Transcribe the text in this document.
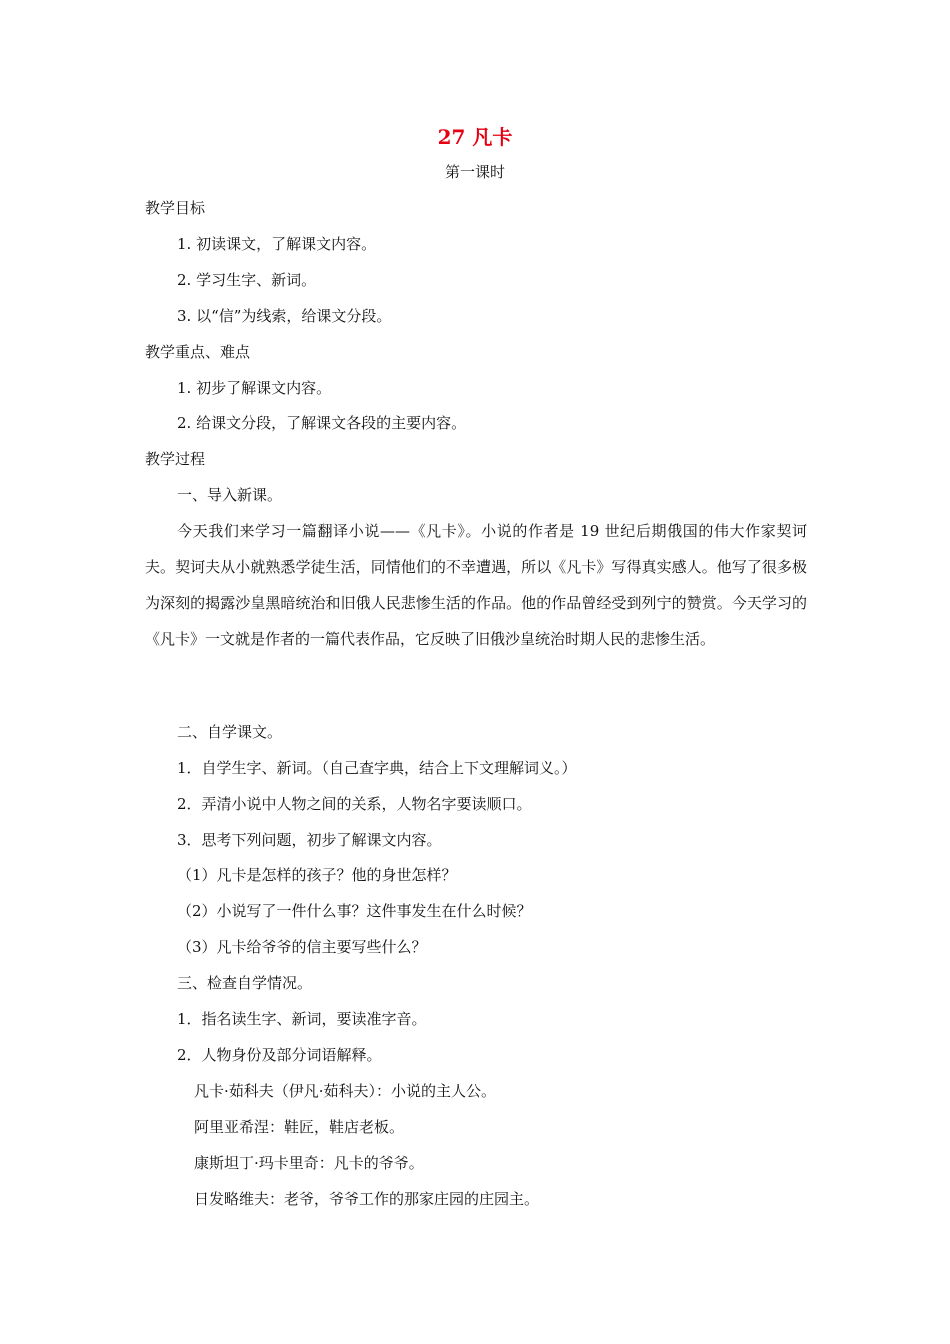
27 凡卡
第一课时
教学目标
1. 初读课文，了解课文内容。
2. 学习生字、新词。
3. 以“信”为线索，给课文分段。
教学重点、难点
1. 初步了解课文内容。
2. 给课文分段，了解课文各段的主要内容。
教学过程
一、导入新课。

今天我们来学习一篇翻译小说——《凡卡》。小说的作者是 19 世纪后期俄国的伟大作家契诃夫。契诃夫从小就熟悉学徒生活，同情他们的不幸遭遇，所以《凡卡》写得真实感人。他写了很多极为深刻的揭露沙皇黑暗统治和旧俄人民悲惨生活的作品。他的作品曾经受到列宁的赞赏。今天学习的《凡卡》一文就是作者的一篇代表作品，它反映了旧俄沙皇统治时期人民的悲惨生活。

二、自学课文。
1．自学生字、新词。（自己查字典，结合上下文理解词义。）
2．弄清小说中人物之间的关系，人物名字要读顺口。
3．思考下列问题，初步了解课文内容。
（1）凡卡是怎样的孩子？他的身世怎样？
（2）小说写了一件什么事？这件事发生在什么时候？
（3）凡卡给爷爷的信主要写些什么？
三、检查自学情况。
1．指名读生字、新词，要读准字音。
2．人物身份及部分词语解释。
凡卡·茹科夫（伊凡·茹科夫）：小说的主人公。
阿里亚希涅：鞋匠，鞋店老板。
康斯坦丁·玛卡里奇：凡卡的爷爷。
日发略维夫：老爷，爷爷工作的那家庄园的庄园主。
